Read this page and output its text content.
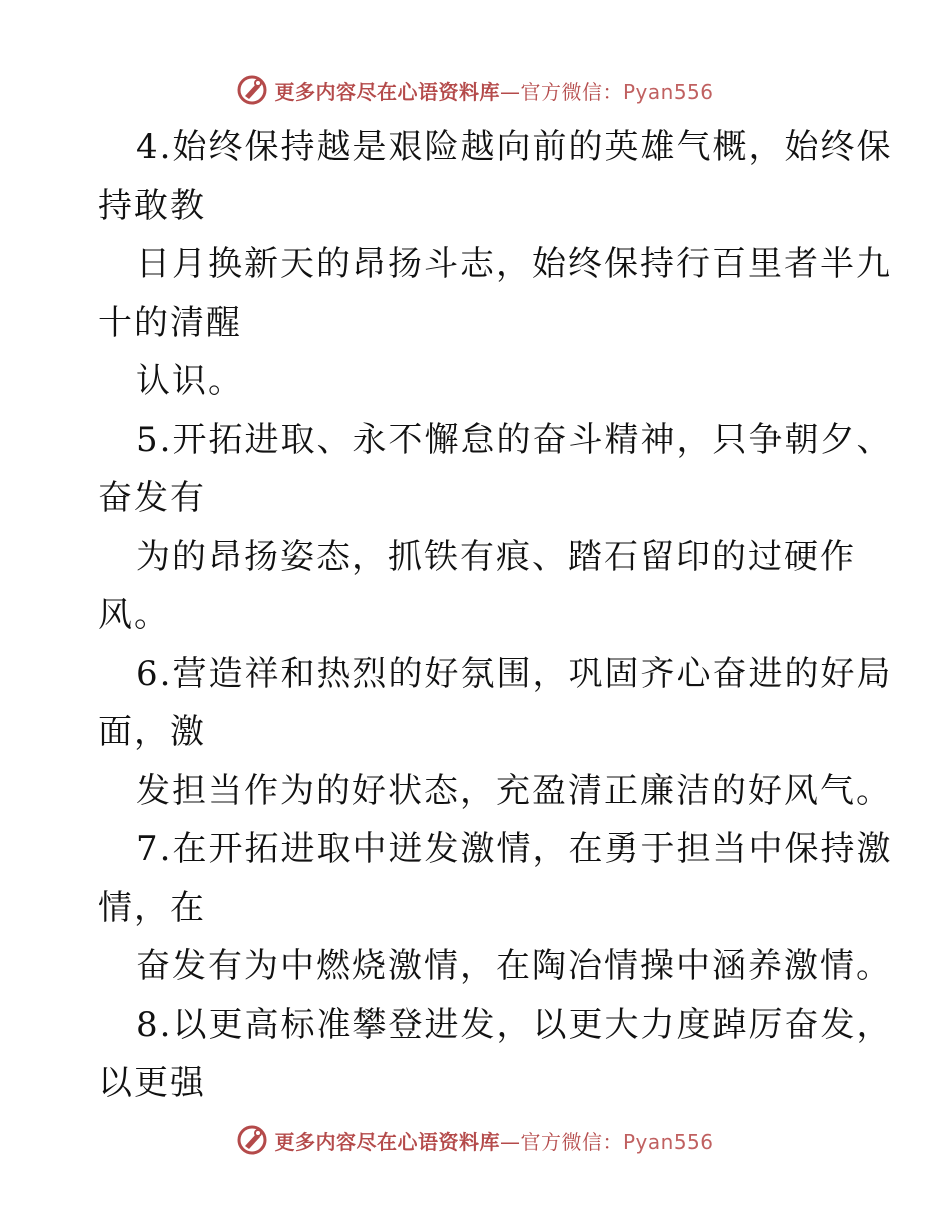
更多内容尽在心语资料库—官方微信：Pyan556
4.始终保持越是艰险越向前的英雄气概，始终保
持敢教
日月换新天的昂扬斗志，始终保持行百里者半九
十的清醒
认识。
5.开拓进取、永不懈怠的奋斗精神，只争朝夕、
奋发有
为的昂扬姿态，抓铁有痕、踏石留印的过硬作
风。
6.营造祥和热烈的好氛围，巩固齐心奋进的好局
面，激
发担当作为的好状态，充盈清正廉洁的好风气。
7.在开拓进取中迸发激情，在勇于担当中保持激
情，在
奋发有为中燃烧激情，在陶冶情操中涵养激情。
8.以更高标准攀登进发，以更大力度踔厉奋发，
以更强
更多内容尽在心语资料库—官方微信：Pyan556
